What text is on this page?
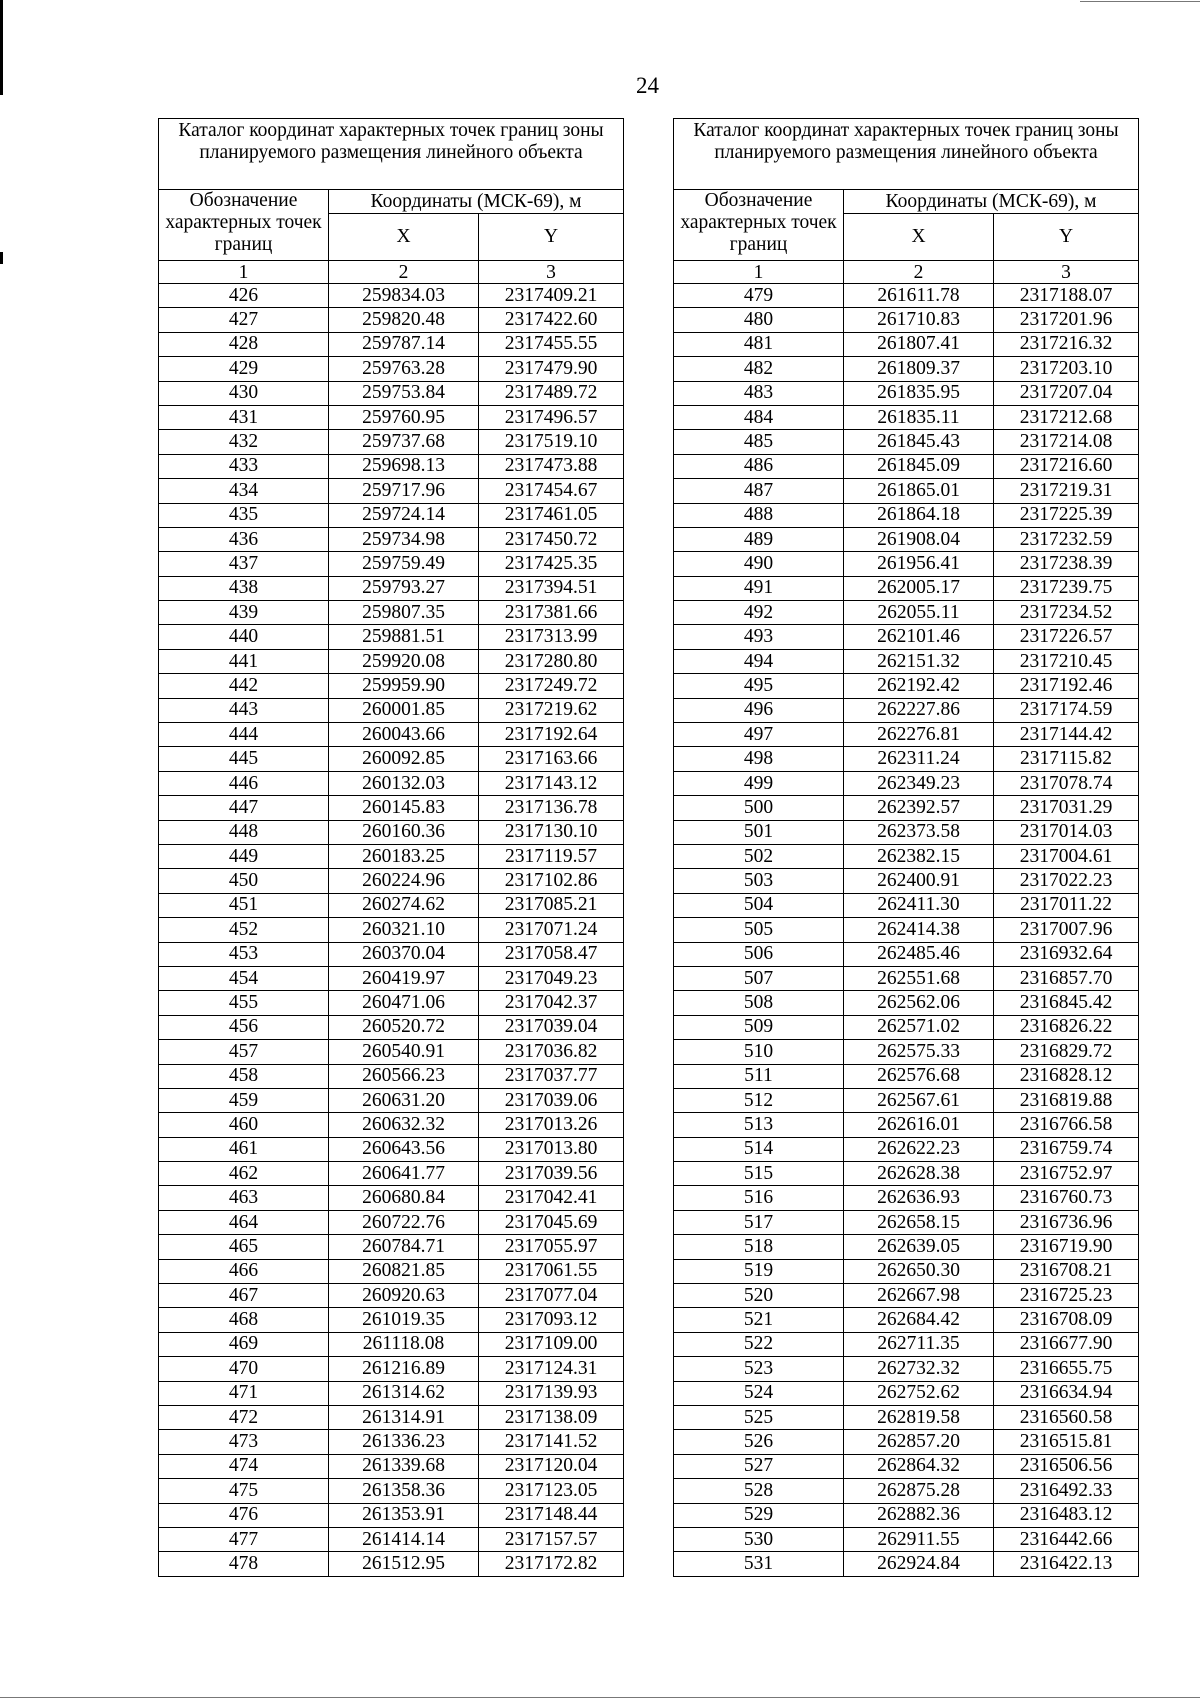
24
Каталог координат характерных точек границ зоны планируемого размещения линейного объекта		
Обозначение характерных точек границ	Координаты (МСК-69), м	
	X	Y
1	2	3
426	259834.03	2317409.21
427	259820.48	2317422.60
428	259787.14	2317455.55
429	259763.28	2317479.90
430	259753.84	2317489.72
431	259760.95	2317496.57
432	259737.68	2317519.10
433	259698.13	2317473.88
434	259717.96	2317454.67
435	259724.14	2317461.05
436	259734.98	2317450.72
437	259759.49	2317425.35
438	259793.27	2317394.51
439	259807.35	2317381.66
440	259881.51	2317313.99
441	259920.08	2317280.80
442	259959.90	2317249.72
443	260001.85	2317219.62
444	260043.66	2317192.64
445	260092.85	2317163.66
446	260132.03	2317143.12
447	260145.83	2317136.78
448	260160.36	2317130.10
449	260183.25	2317119.57
450	260224.96	2317102.86
451	260274.62	2317085.21
452	260321.10	2317071.24
453	260370.04	2317058.47
454	260419.97	2317049.23
455	260471.06	2317042.37
456	260520.72	2317039.04
457	260540.91	2317036.82
458	260566.23	2317037.77
459	260631.20	2317039.06
460	260632.32	2317013.26
461	260643.56	2317013.80
462	260641.77	2317039.56
463	260680.84	2317042.41
464	260722.76	2317045.69
465	260784.71	2317055.97
466	260821.85	2317061.55
467	260920.63	2317077.04
468	261019.35	2317093.12
469	261118.08	2317109.00
470	261216.89	2317124.31
471	261314.62	2317139.93
472	261314.91	2317138.09
473	261336.23	2317141.52
474	261339.68	2317120.04
475	261358.36	2317123.05
476	261353.91	2317148.44
477	261414.14	2317157.57
478	261512.95	2317172.82
Каталог координат характерных точек границ зоны планируемого размещения линейного объекта		
Обозначение характерных точек границ	Координаты (МСК-69), м	
	X	Y
1	2	3
479	261611.78	2317188.07
480	261710.83	2317201.96
481	261807.41	2317216.32
482	261809.37	2317203.10
483	261835.95	2317207.04
484	261835.11	2317212.68
485	261845.43	2317214.08
486	261845.09	2317216.60
487	261865.01	2317219.31
488	261864.18	2317225.39
489	261908.04	2317232.59
490	261956.41	2317238.39
491	262005.17	2317239.75
492	262055.11	2317234.52
493	262101.46	2317226.57
494	262151.32	2317210.45
495	262192.42	2317192.46
496	262227.86	2317174.59
497	262276.81	2317144.42
498	262311.24	2317115.82
499	262349.23	2317078.74
500	262392.57	2317031.29
501	262373.58	2317014.03
502	262382.15	2317004.61
503	262400.91	2317022.23
504	262411.30	2317011.22
505	262414.38	2317007.96
506	262485.46	2316932.64
507	262551.68	2316857.70
508	262562.06	2316845.42
509	262571.02	2316826.22
510	262575.33	2316829.72
511	262576.68	2316828.12
512	262567.61	2316819.88
513	262616.01	2316766.58
514	262622.23	2316759.74
515	262628.38	2316752.97
516	262636.93	2316760.73
517	262658.15	2316736.96
518	262639.05	2316719.90
519	262650.30	2316708.21
520	262667.98	2316725.23
521	262684.42	2316708.09
522	262711.35	2316677.90
523	262732.32	2316655.75
524	262752.62	2316634.94
525	262819.58	2316560.58
526	262857.20	2316515.81
527	262864.32	2316506.56
528	262875.28	2316492.33
529	262882.36	2316483.12
530	262911.55	2316442.66
531	262924.84	2316422.13
